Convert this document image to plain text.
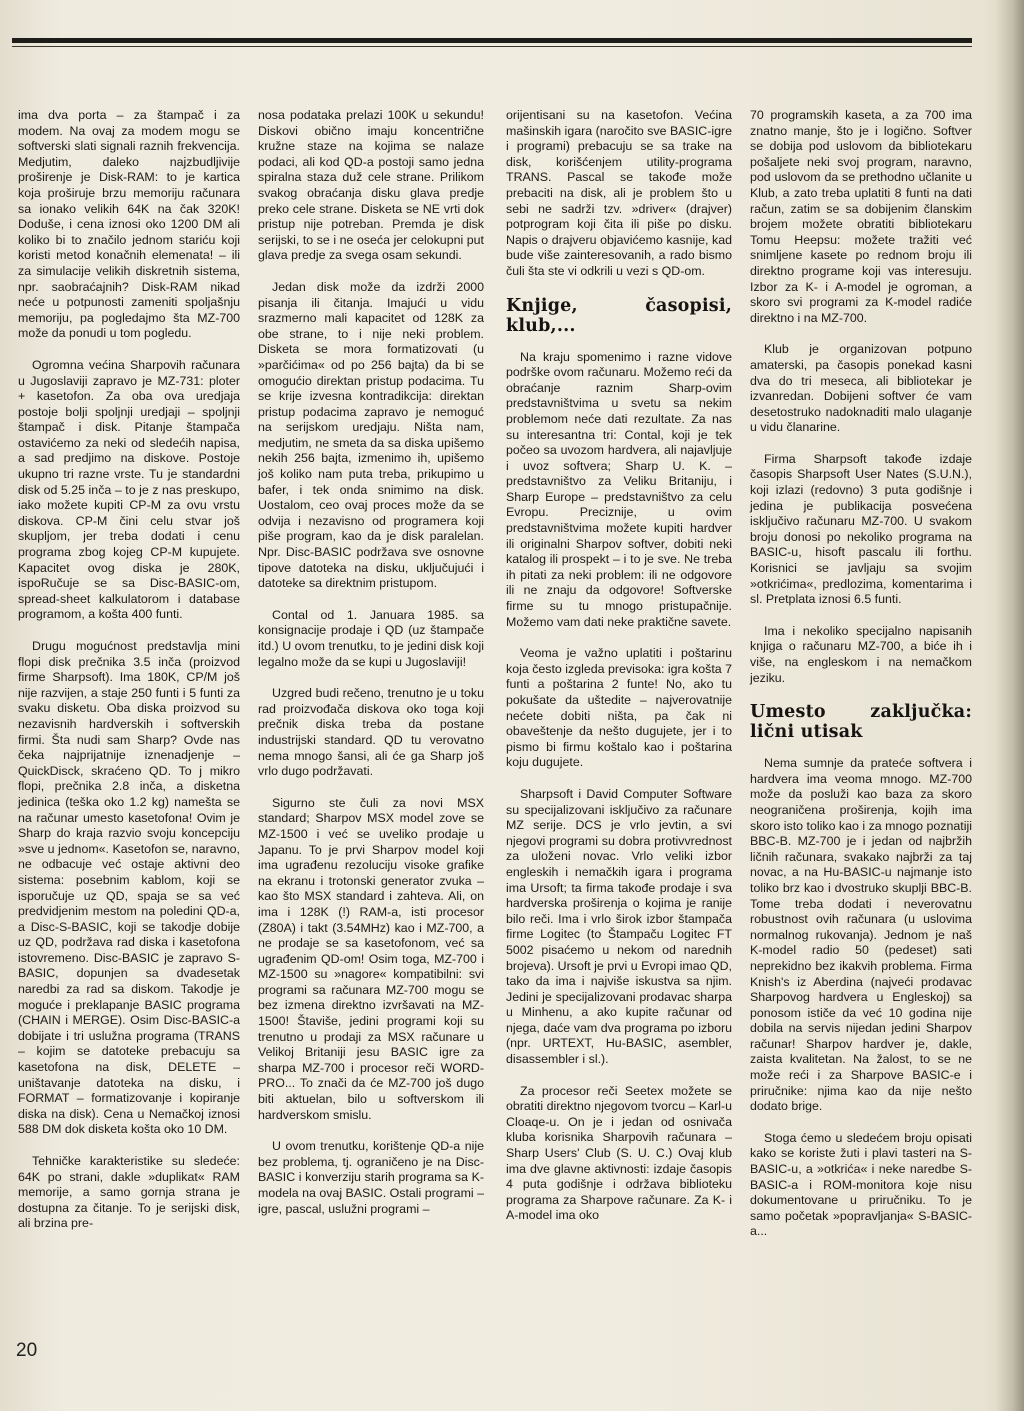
ima dva porta – za štampač i za modem. Na ovaj za modem mogu se softverski slati signali raznih frekvencija. Medjutim, daleko najzbudljivije proširenje je Disk-RAM: to je kartica koja proširuje brzu memoriju računara sa ionako velikih 64K na čak 320K! Dodušе, i cena iznosi oko 1200 DM ali koliko bi to značilo jednom stariću koji koristi metod konačnih elemenata! – ili za simulacije velikih diskretnih sistema, npr. saobraćajnih? Disk-RAM nikad neće u potpunosti zameniti spoljašnju memoriju, pa pogledajmo šta MZ-700 može da ponudi u tom pogledu.

Ogromna većina Sharpovih računara u Jugoslaviji zapravo je MZ-731: ploter + kasetofon. Za oba ova uredjaja postoje bolji spoljnji uredjaji – spoljnji štampač i disk. Pitanje štampača ostavićemo za neki od sledećih napisa, a sad predjimo na diskove. Postoje ukupno tri razne vrste. Tu je standardni disk od 5.25 inča – to je z nas preskupo, iako možete kupiti CP-M za ovu vrstu diskova. CP-M čini celu stvar još skupljom, jer treba dodati i cenu programa zbog kojeg CP-M kupujete. Kapacitet ovog diska je 280K, ispoRučuje se sa Disc-BASIC-om, spread-sheet kalkulatorom i database programom, a košta 400 funti.

Drugu mogućnost predstavlja mini flopi disk prečnika 3.5 inča (proizvod firme Sharpsoft). Ima 180K, CP/M još nije razvijen, a staje 250 funti i 5 funti za svaku disketu. Oba diska proizvod su nezavisnih hardverskih i softverskih firmi. Šta nudi sam Sharp? Ovde nas čeka najprijatnije iznenadjenje – QuickDisck, skraćeno QD. To j mikro flopi, prečnika 2.8 inča, a disketna jedinica (teška oko 1.2 kg) nameštа se na računar umesto kasetofona! Ovim je Sharp do kraja razvio svoju koncepciju »sve u jednom«. Kasetofon se, naravno, ne odbacuje već ostaje aktivni deo sistema: posebnim kablom, koji se isporučuje uz QD, spaja se sa već predvidjenim mestom na poledini QD-a, a Disc-S-BASIC, koji se takodje dobije uz QD, podržava rad diska i kasetofona istovremeno. Disc-BASIC je zapravo S-BASIC, dopunjen sa dvadesetak naredbi za rad sa diskom. Takodje je moguće i preklapanje BASIC programa (CHAIN i MERGE). Osim Disc-BASIC-a dobijate i tri uslužna programa (TRANS – kojim se datoteke prebacuju sa kasetofona na disk, DELETE – uništavanje datoteka na disku, i FORMAT – formatizovanje i kopiranje diska na disk). Cena u Nemačkoj iznosi 588 DM dok disketa košta oko 10 DM.

Tehničke karakteristike su sledeće: 64K po strani, dakle »duplikat« RAM memorije, a samo gornja strana je dostupna za čitanje. To je serijski disk, ali brzina pre-

nosa podataka prelazi 100K u sekundu! Diskovi obično imaju koncentrične kružne staze na kojima se nalaze podaci, ali kod QD-a postoji samo jedna spiralna staza duž cele strane. Prilikom svakog obraćanja disku glava predje preko cele strane. Disketa se NE vrti dok pristup nije potreban. Premda je disk serijski, to se i ne oseća jer celokupni put glava predje za svega osam sekundi.

Jedan disk može da izdrži 2000 pisanja ili čitanja. Imajući u vidu srazmerno mali kapacitet od 128K za obe strane, to i nije neki problem. Disketa se mora formatizovati (u »parčićima« od po 256 bajta) da bi se omogućio direktan pristup podacima. Tu se krije izvesna kontradikcija: direktan pristup podacima zapravo je nemoguć na serijskom uredjaju. Ništa nam, medjutim, ne smeta da sa diska upišemo nekih 256 bajta, izmenimo ih, upišemo još koliko nam puta treba, prikupimo u bafer, i tek onda snimimo na disk. Uostalom, ceo ovaj proces može da se odvija i nezavisno od programera koji piše program, kao da je disk paralelan. Npr. Disc-BASIC podržava sve osnovne tipove datoteka na disku, uključujući i datoteke sa direktnim pristupom.

Contal od 1. Januara 1985. sa konsignacije prodaje i QD (uz štampače itd.) U ovom trenutku, to je jedini disk koji legalno može da se kupi u Jugoslaviji!

Uzgred budi rečeno, trenutno je u toku rad proizvođača diskova oko toga koji prečnik diska treba da postane industrijski standard. QD tu verovatno nema mnogo šansi, ali će ga Sharp još vrlo dugo podržavati.

Sigurno ste čuli za novi MSX standard; Sharpov MSX model zove se MZ-1500 i već se uveliko prodaje u Japanu. To je prvi Sharpov model koji ima ugrađenu rezoluciju visoke grafike na ekranu i trotonski generator zvuka – kao što MSX standard i zahteva. Ali, on ima i 128K (!) RAM-a, isti procesor (Z80A) i takt (3.54MHz) kao i MZ-700, a ne prodaje se sa kasetofonom, već sa ugrađenim QD-om! Osim toga, MZ-700 i MZ-1500 su »nagore« kompatibilni: svi programi sa računara MZ-700 mogu se bez izmena direktno izvršavati na MZ-1500! Štaviše, jedini programi koji su trenutno u prodaji za MSX računare u Velikoj Britaniji jesu BASIC igre za sharpa MZ-700 i procesor reči WORD-PRO... To znači da će MZ-700 još dugo biti aktuelan, bilo u softverskom ili hardverskom smislu.

U ovom trenutku, korištenje QD-a nije bez problema, tj. ograničeno je na Disc-BASIC i konverziju starih programa sa K-modela na ovaj BASIC. Ostali programi – igre, pascal, uslužni programi –

orijentisani su na kasetofon. Većina mašinskih igara (naročito sve BASIC-igre i programi) prebacuju se sa trake na disk, korišćenjem utility-programa TRANS. Pascal se takođe može prebaciti na disk, ali je problem što u sebi ne sadrži tzv. »driver« (drajver) potprogram koji čita ili piše po disku. Napis o drajveru objavićemo kasnije, kad bude više zainteresovanih, a rado bismo čuli šta ste vi odkrili u vezi s QD-om.

Knjige, časopisi, klub,...

Na kraju spomenimo i razne vidove podrške ovom računaru. Možemo reći da obraćanje raznim Sharp-ovim predstavništvima u svetu sa nekim problemom neće dati rezultate. Za nas su interesantna tri: Contal, koji je tek počeo sa uvozom hardvera, ali najavljuje i uvoz softvera; Sharp U. K. – predstavništvo za Veliku Britaniju, i Sharp Europe – predstavništvo za celu Evropu. Precizniјe, u ovim predstavništvima možete kupiti hardver ili originalni Sharpov softver, dobiti neki katalog ili prospekt – i to je sve. Ne treba ih pitati za neki problem: ili ne odgovore ili ne znaju da odgovore! Softverske firme su tu mnogo pristupačnije. Možemo vam dati neke praktične savete.

Veoma je važno uplatiti i poštarinu koja često izgleda previsoka: igra košta 7 funti a poštarina 2 funte! No, ako tu pokušate da uštedite – najverovatnije nećete dobiti ništa, pa čak ni obaveštenje da nešto dugujete, jer i to pismo bi firmu koštalo kao i poštarina koju dugujete.

Sharpsoft i David Computer Software su specijalizovani isključivo za računare MZ serije. DCS je vrlo jevtin, a svi njegovi programi su dobra protivvrednost za uloženi novac. Vrlo veliki izbor engleskih i nemačkih igara i programa ima Ursoft; ta firma takođe prodaje i sva hardverska proširenja o kojima je ranije bilo reči. Ima i vrlo širok izbor štampača firme Logitec (to Štampaču Logitec FT 5002 pisaćemo u nekom od narednih brojeva). Ursoft je prvi u Evropi imao QD, tako da ima i najviše iskustva sa njim. Jedini je specijalizovani prodavac sharpa u Minhenu, a ako kupite računar od njega, daće vam dva programa po izboru (npr. URTEXT, Hu-BASIC, asembler, disassembler i sl.).

Za procesor reči Seetex možete se obratiti direktno njegovom tvorcu – Karl-u Cloaqe-u. On je i jedan od osnivača kluba korisnika Sharpovih računara – Sharp Users' Club (S. U. C.) Ovaj klub ima dve glavne aktivnosti: izdaje časopis 4 puta godišnje i održava biblioteku programa za Sharpove računare. Za K- i A-model ima oko

70 programskih kaseta, a za 700 ima znatno manje, što je i logično. Softver se dobija pod uslovom da bibliotekaru pošaljete neki svoj program, naravno, pod uslovom da se prethodno učlanite u Klub, a zato treba uplatiti 8 funti na dati račun, zatim se sa dobijenim članskim brojem možete obratiti bibliotekaru Tomu Heepsu: možete tražiti već snimljene kasete po rednom broju ili direktno programe koji vas interesuju. Izbor za K- i A-model je ogroman, a skoro svi programi za K-model radiće direktno i na MZ-700.

Klub je organizovan potpuno amaterski, pa časopis ponekad kasni dva do tri meseca, ali bibliotekar je izvanredan. Dobijeni softver će vam desetostruko nadoknaditi malo ulaganje u vidu članarine.

Firma Sharpsoft takođe izdaje časopis Sharpsoft User Nates (S.U.N.), koji izlazi (redovno) 3 puta godišnje i jedina je publikacija posvećena isključivo računaru MZ-700. U svakom broju donosi po nekoliko programa na BASIC-u, hisoft pascalu ili forthu. Korisnici se javljaju sa svojim »otkrićima«, predlozima, komentarima i sl. Pretplata iznosi 6.5 funti.

Ima i nekoliko specijalno napisanih knjiga o računaru MZ-700, a biće ih i više, na engleskom i na nemačkom jeziku.

Umesto zaključka: lični utisak

Nema sumnje da prateće softvera i hardvera ima veoma mnogo. MZ-700 može da posluži kao baza za skoro neograničena proširenja, kojih ima skoro isto toliko kao i za mnogo poznatiji BBC-B. MZ-700 je i jedan od najbržih ličnih računara, svakako najbrži za taj novac, a na Hu-BASIC-u najmanje isto toliko brz kao i dvostruko skuplji BBC-B. Tome treba dodati i neverovatnu robustnost ovih računara (u uslovima normalnog rukovanja). Jednom je naš K-model radio 50 (pedeset) sati neprekidno bez ikakvih problema. Firma Knish's iz Aberdina (najveći prodavac Sharpovog hardvera u Engleskoj) sa ponosom ističe da već 10 godina nije dobila na servis nijedan jedini Sharpov računar! Sharpov hardver je, dakle, zaista kvalitetan. Na žalost, to se ne može reći i za Sharpove BASIC-e i priručnike: njima kao da nije nešto dodato brige.

Stoga ćemo u sledećem broju opisati kako se koriste žuti i plavi tasteri na S-BASIC-u, a »otkrića« i neke naredbe S-BASIC-a i ROM-monitora koje nisu dokumentovane u priručniku. To je samo početak »popravljanja« S-BASIC-a...

20
